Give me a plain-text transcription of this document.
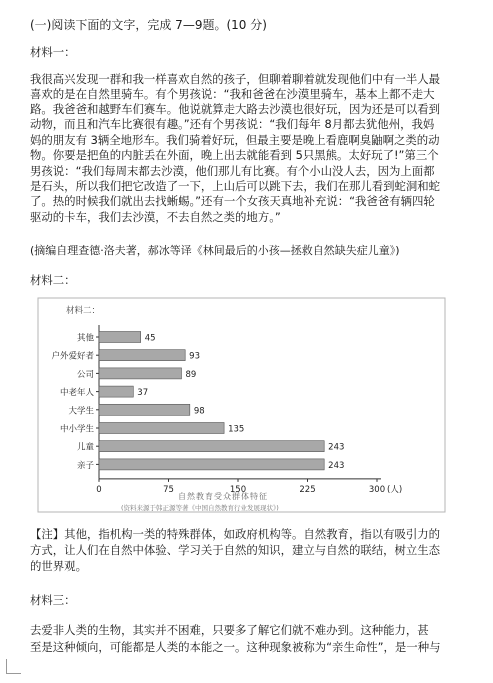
(一)阅读下面的文字，完成 7—9题。(10 分)
材料一：
我很高兴发现一群和我一样喜欢自然的孩子，但聊着聊着就发现他们中有一半人最
喜欢的是在自然里骑车。有个男孩说：“我和爸爸在沙漠里骑车，基本上都不走大
路。我爸爸和越野车们赛车。他说就算走大路去沙漠也很好玩，因为还是可以看到
动物，而且和汽车比赛很有趣。”还有个男孩说：“我们每年 8月都去犹他州，我妈
妈的朋友有 3辆全地形车。我们骑着好玩，但最主要是晚上看鹿啊臭鼬啊之类的动
物。你要是把鱼的内脏丢在外面，晚上出去就能看到 5只黑熊。太好玩了!”第三个
男孩说：“我们每周末都去沙漠，他们那儿有比赛。有个小山没人去，因为上面都
是石头，所以我们把它改造了一下，上山后可以跳下去，我们在那儿看到蛇洞和蛇
了。热的时候我们就出去找蜥蜴。”还有一个女孩天真地补充说：“我爸爸有辆四轮
驱动的卡车，我们去沙漠，不去自然之类的地方。”
(摘编自理查德·洛夫著，郝冰等译《林间最后的小孩—拯救自然缺失症儿童》)
材料二：
材料二：
其他	45
户外爱好者	93
公司	89
中老年人	37
大学生	98
中小学生	135
儿童	243
亲子	243
0	75	150	225	300 (人)
自然教育受众群体特征
(资料来源于韩正源等著《中国自然教育行业发展现状》)
【注】其他，指机构一类的特殊群体，如政府机构等。自然教育，指以有吸引力的
方式，让人们在自然中体验、学习关于自然的知识，建立与自然的联结，树立生态
的世界观。
材料三：
去爱非人类的生物，其实并不困难，只要多了解它们就不难办到。这种能力，甚
至是这种倾向，可能都是人类的本能之一。这种现象被称为“亲生命性”，是一种与
